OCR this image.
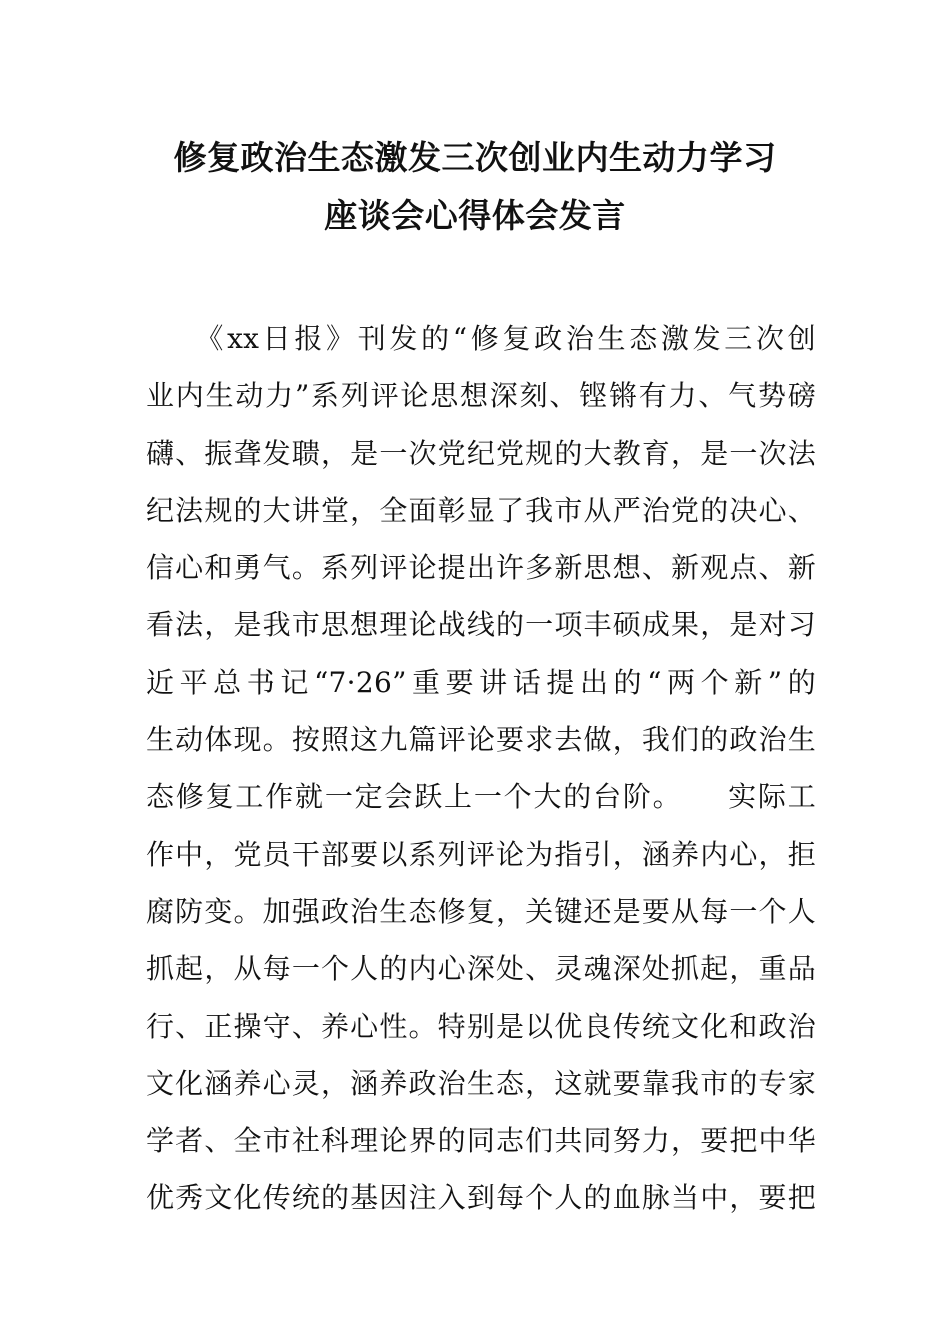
修复政治生态激发三次创业内生动力学习
座谈会心得体会发言
　　《xx日报》刊发的“修复政治生态激发三次创
业内生动力”系列评论思想深刻、铿锵有力、气势磅
礴、振聋发聩，是一次党纪党规的大教育，是一次法
纪法规的大讲堂，全面彰显了我市从严治党的决心、
信心和勇气。系列评论提出许多新思想、新观点、新
看法，是我市思想理论战线的一项丰硕成果，是对习
近平总书记“7·26”重要讲话提出的“两个新”的
生动体现。按照这九篇评论要求去做，我们的政治生
态修复工作就一定会跃上一个大的台阶。　　实际工
作中，党员干部要以系列评论为指引，涵养内心，拒
腐防变。加强政治生态修复，关键还是要从每一个人
抓起，从每一个人的内心深处、灵魂深处抓起，重品
行、正操守、养心性。特别是以优良传统文化和政治
文化涵养心灵，涵养政治生态，这就要靠我市的专家
学者、全市社科理论界的同志们共同努力，要把中华
优秀文化传统的基因注入到每个人的血脉当中，要把
